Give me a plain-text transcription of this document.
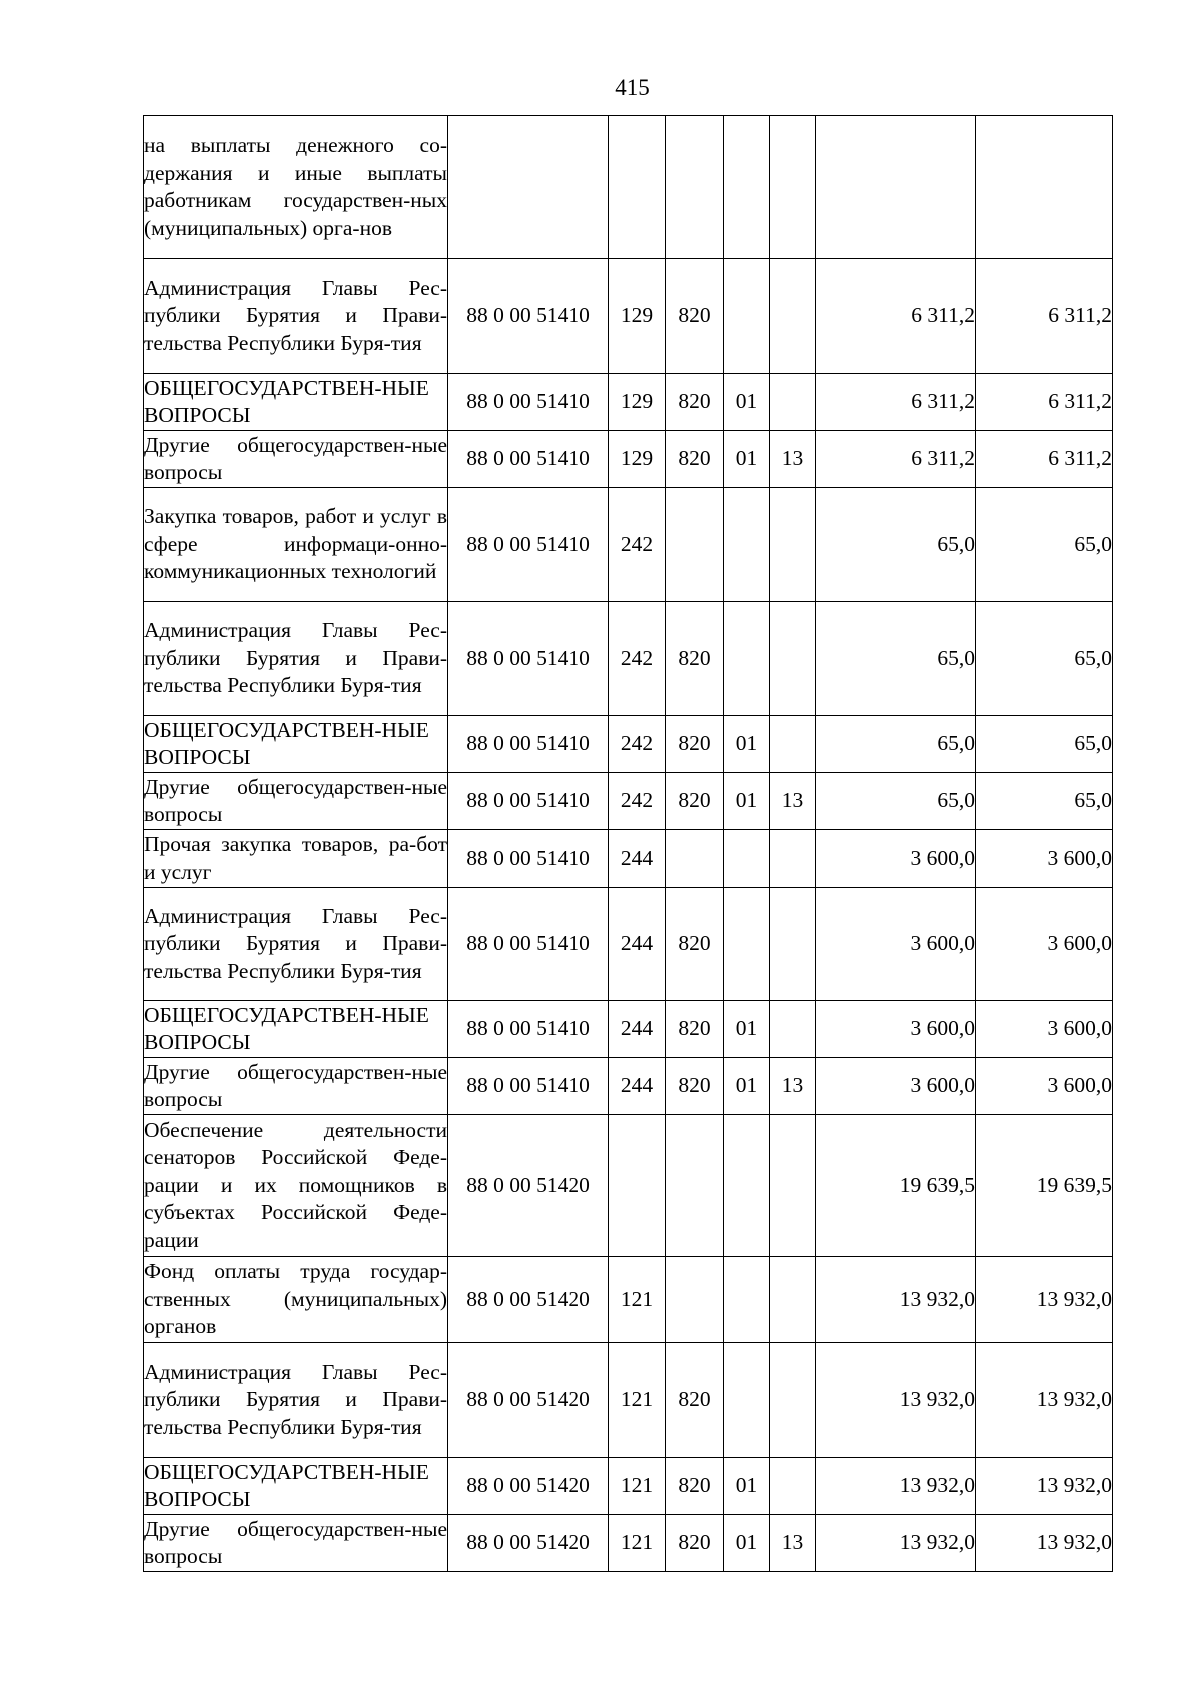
415
на выплаты денежного со-держания и иные выплаты работникам государствен-ных (муниципальных) орга-нов							
Администрация Главы Рес-публики Бурятия и Прави-тельства Республики Буря-тия	88 0 00 51410	129	820			6 311,2	6 311,2
ОБЩЕГОСУДАРСТВЕН-НЫЕ ВОПРОСЫ	88 0 00 51410	129	820	01		6 311,2	6 311,2
Другие общегосударствен-ные вопросы	88 0 00 51410	129	820	01	13	6 311,2	6 311,2
Закупка товаров, работ и услуг в сфере информаци-онно-коммуникационных технологий	88 0 00 51410	242				65,0	65,0
Администрация Главы Рес-публики Бурятия и Прави-тельства Республики Буря-тия	88 0 00 51410	242	820			65,0	65,0
ОБЩЕГОСУДАРСТВЕН-НЫЕ ВОПРОСЫ	88 0 00 51410	242	820	01		65,0	65,0
Другие общегосударствен-ные вопросы	88 0 00 51410	242	820	01	13	65,0	65,0
Прочая закупка товаров, ра-бот и услуг	88 0 00 51410	244				3 600,0	3 600,0
Администрация Главы Рес-публики Бурятия и Прави-тельства Республики Буря-тия	88 0 00 51410	244	820			3 600,0	3 600,0
ОБЩЕГОСУДАРСТВЕН-НЫЕ ВОПРОСЫ	88 0 00 51410	244	820	01		3 600,0	3 600,0
Другие общегосударствен-ные вопросы	88 0 00 51410	244	820	01	13	3 600,0	3 600,0
Обеспечение деятельности сенаторов Российской Феде-рации и их помощников в субъектах Российской Феде-рации	88 0 00 51420					19 639,5	19 639,5
Фонд оплаты труда государ-ственных (муниципальных) органов	88 0 00 51420	121				13 932,0	13 932,0
Администрация Главы Рес-публики Бурятия и Прави-тельства Республики Буря-тия	88 0 00 51420	121	820			13 932,0	13 932,0
ОБЩЕГОСУДАРСТВЕН-НЫЕ ВОПРОСЫ	88 0 00 51420	121	820	01		13 932,0	13 932,0
Другие общегосударствен-ные вопросы	88 0 00 51420	121	820	01	13	13 932,0	13 932,0
